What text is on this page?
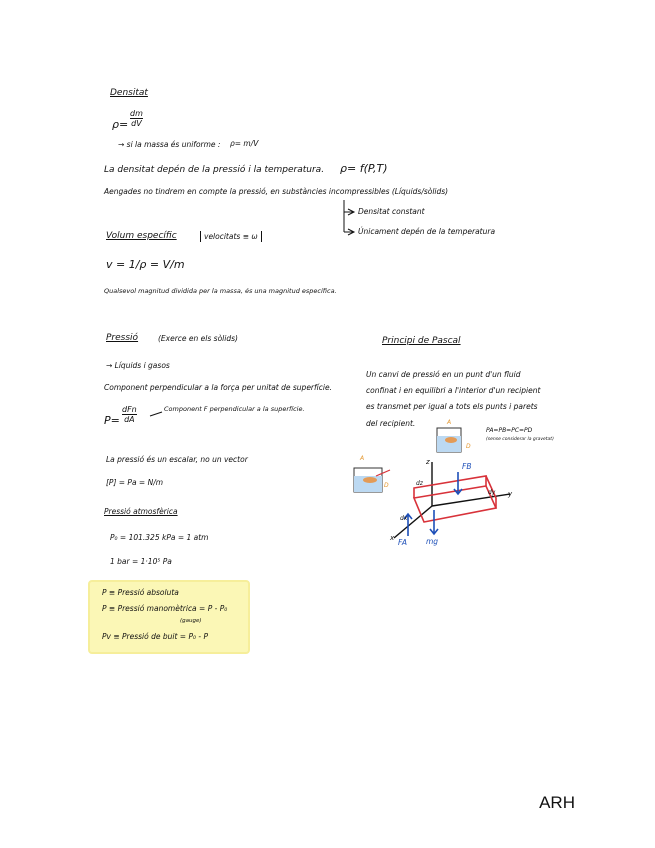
Densitat
ρ=
dm
dV
→ si la massa és uniforme : ρ= m/V
La densitat depén de la pressió i la temperatura. ρ= f(P,T)
Aengades no tindrem en compte la pressió, en substàncies incompressibles (Líquids/sòlids)
Densitat constant
Únicament depén de la temperatura
Volum específic	velocitats ≡ ω
v = 1/ρ = V/m
Qualsevol magnitud dividida per la massa, és una magnitud específica.
Pressió	(Exerce en els sòlids)
→ Líquids i gasos
Component perpendicular a la força per unitat de superfície.
P=
dFn
dA
Component F perpendicular a la superfície.
La pressió és un escalar, no un vector
[P] = Pa = N/m
Pressió atmosfèrica
P₀ = 101.325 kPa = 1 atm
1 bar = 1·10⁵ Pa
P ≡ Pressió absoluta
P ≡ Pressió manomètrica = P - P₀
(gauge)
Pv ≡ Pressió de buit = P₀ - P
Principi de Pascal
Un canvi de pressió en un punt d'un fluid
confinat i en equilibri a l'interior d'un recipient
es transmet per igual a tots els punts i parets
del recipient.
PA=PB=PC=PD
(sense considerar la gravetat)
A
D
A
D
z
y
x
dz
dy
dx
FB
FA	mg
ARH
